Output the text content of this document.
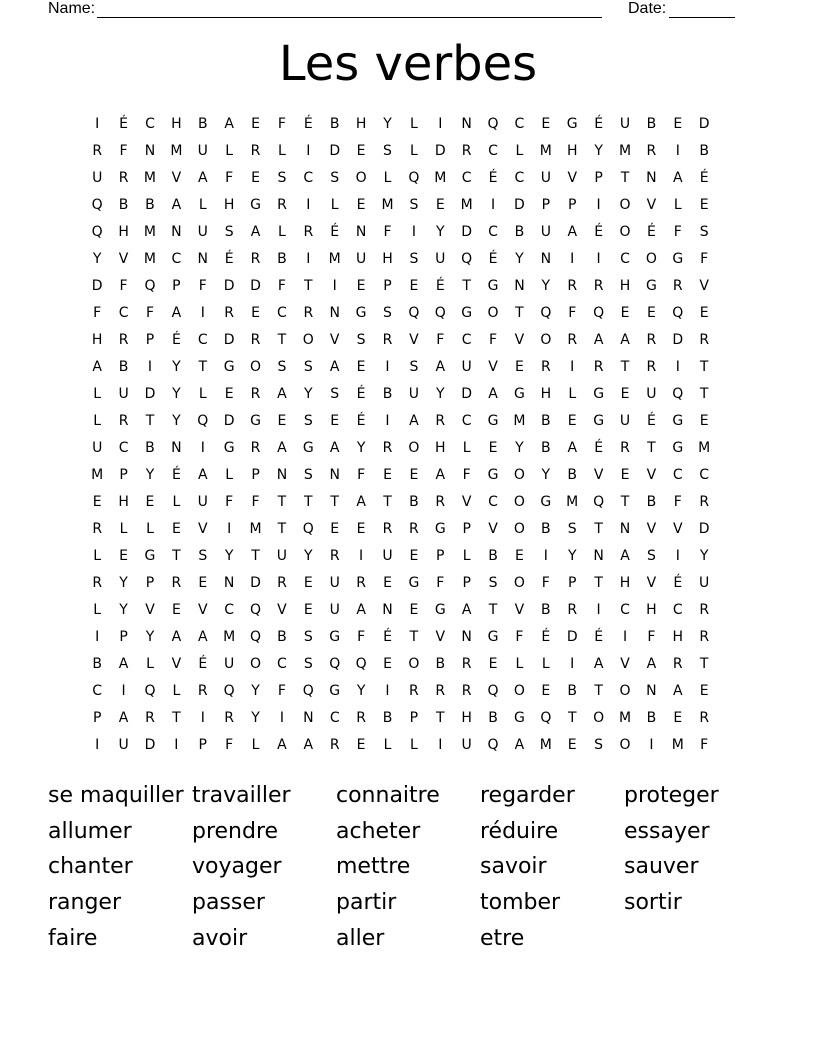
Name:	Date:
Les verbes
I É C H B A E F É B H Y L I N Q C E G É U B E D
R F N M U L R L I D E S L D R C L M H Y M R I B
U R M V A F E S C S O L Q M C É C U V P T N A É
Q B B A L H G R I L E M S E M I D P P I O V L E
Q H M N U S A L R É N F I Y D C B U A É O É F S
Y V M C N É R B I M U H S U Q É Y N I I C O G F
D F Q P F D D F T I E P E É T G N Y R R H G R V
F C F A I R E C R N G S Q Q G O T Q F Q E E Q E
H R P É C D R T O V S R V F C F V O R A A R D R
A B I Y T G O S S A E I S A U V E R I R T R I T
L U D Y L E R A Y S É B U Y D A G H L G E U Q T
L R T Y Q D G E S E É I A R C G M B E G U É G E
U C B N I G R A G A Y R O H L E Y B A É R T G M
M P Y É A L P N S N F E E A F G O Y B V E V C C
E H E L U F F T T T A T B R V C O G M Q T B F R
R L L E V I M T Q E E R R G P V O B S T N V V D
L E G T S Y T U Y R I U E P L B E I Y N A S I Y
R Y P R E N D R E U R E G F P S O F P T H V É U
L Y V E V C Q V E U A N E G A T V B R I C H C R
I P Y A A M Q B S G F É T V N G F É D É I F H R
B A L V É U O C S Q Q E O B R E L L I A V A R T
C I Q L R Q Y F Q G Y I R R R Q O E B T O N A E
P A R T I R Y I N C R B P T H B G Q T O M B E R
I U D I P F L A A R E L L I U Q A M E S O I M F
se maquiller
allumer
chanter
ranger
faire
travailler
prendre
voyager
passer
avoir
connaitre
acheter
mettre
partir
aller
regarder
réduire
savoir
tomber
etre
proteger
essayer
sauver
sortir
